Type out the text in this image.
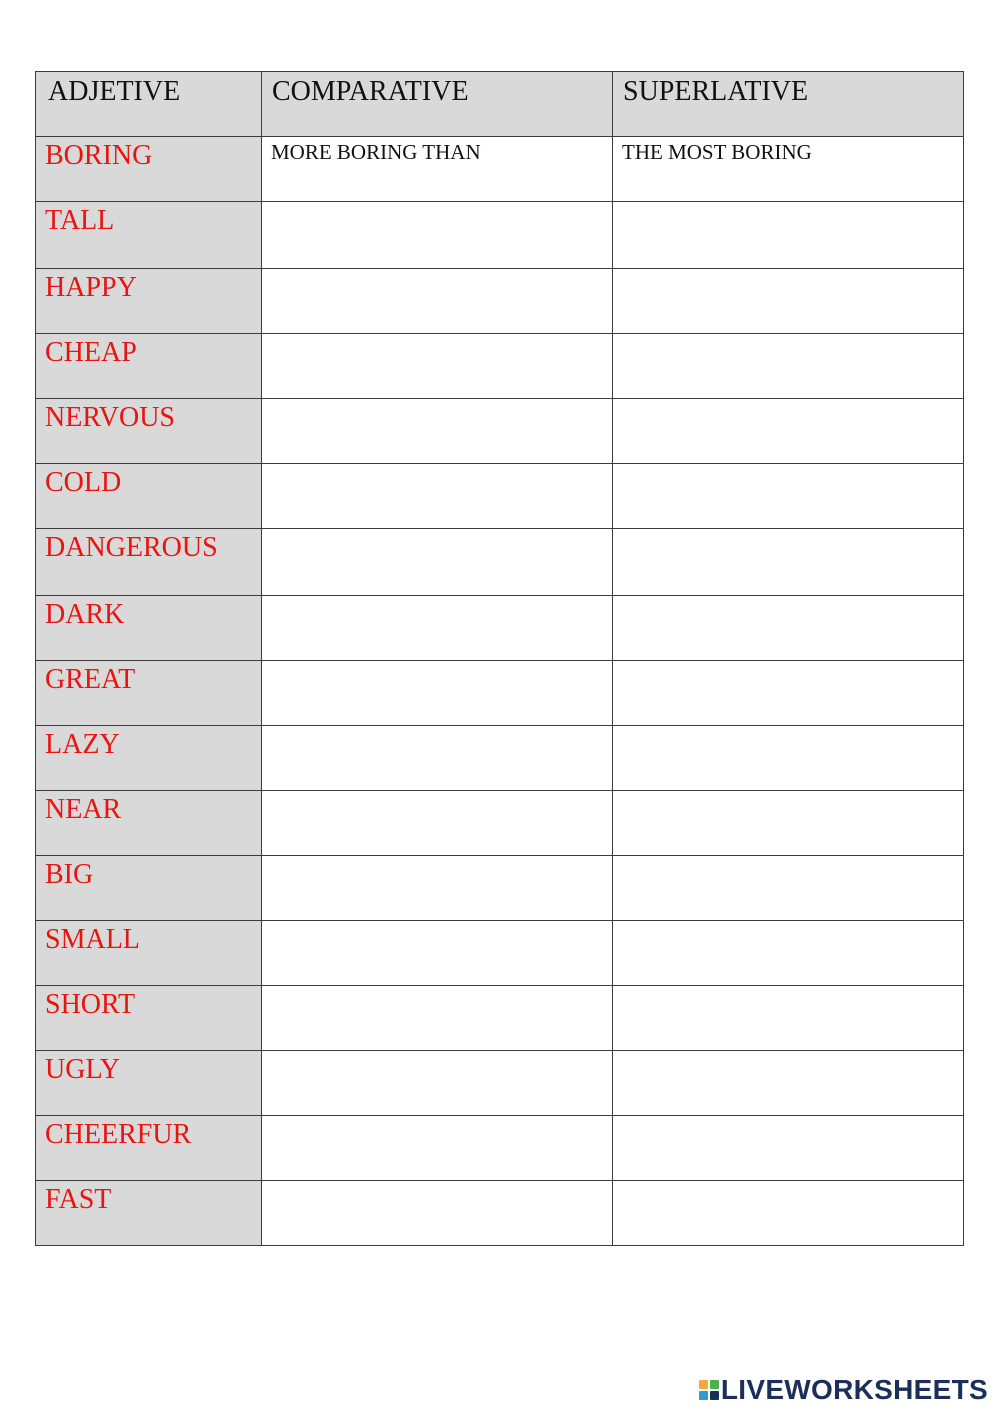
ADJETIVE	COMPARATIVE	SUPERLATIVE

BORING	MORE BORING THAN	THE MOST BORING

TALL		

HAPPY		

CHEAP		

NERVOUS		

COLD		

DANGEROUS		

DARK		

GREAT		

LAZY		

NEAR		

BIG		

SMALL		

SHORT		

UGLY		

CHEERFUR		

FAST		

LIVEWORKSHEETS
